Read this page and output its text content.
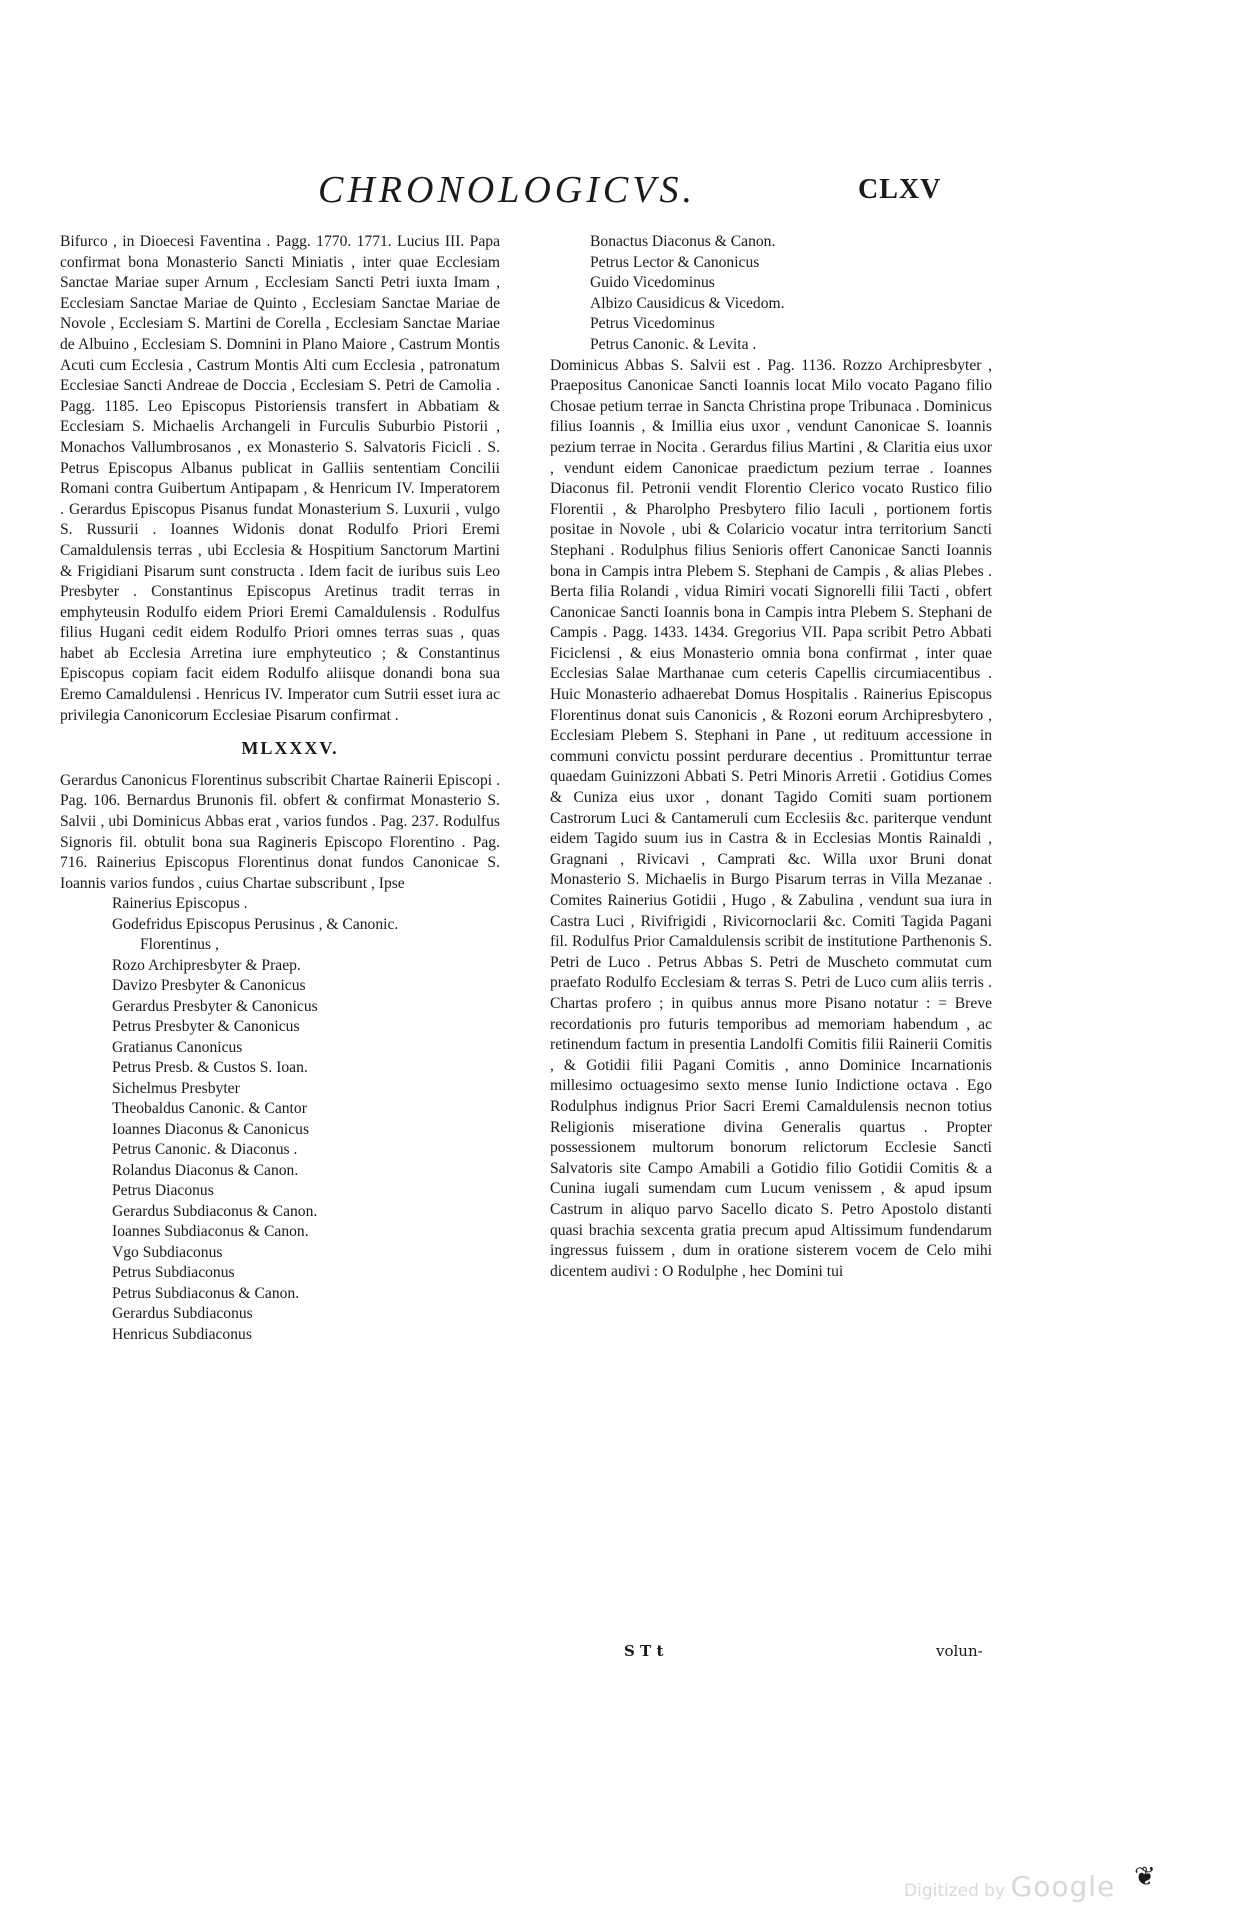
CHRONOLOGICVS.	CLXV

Bifurco , in Dioecesi Faventina . Pagg. 1770. 1771. Lucius III. Papa confirmat bona Monasterio Sancti Miniatis , inter quae Ecclesiam Sanctae Mariae super Arnum , Ecclesiam Sancti Petri iuxta Imam , Ecclesiam Sanctae Mariae de Quinto , Ecclesiam Sanctae Mariae de Novole , Ecclesiam S. Martini de Corella , Ecclesiam Sanctae Mariae de Albuino , Ecclesiam S. Domnini in Plano Maiore , Castrum Montis Acuti cum Ecclesia , Castrum Montis Alti cum Ecclesia , patronatum Ecclesiae Sancti Andreae de Doccia , Ecclesiam S. Petri de Camolia . Pagg. 1185. Leo Episcopus Pistoriensis transfert in Abbatiam & Ecclesiam S. Michaelis Archangeli in Furculis Suburbio Pistorii , Monachos Vallumbrosanos , ex Monasterio S. Salvatoris Ficicli . S. Petrus Episcopus Albanus publicat in Galliis sententiam Concilii Romani contra Guibertum Antipapam , & Henricum IV. Imperatorem . Gerardus Episcopus Pisanus fundat Monasterium S. Luxurii , vulgo S. Russurii . Ioannes Widonis donat Rodulfo Priori Eremi Camaldulensis terras , ubi Ecclesia & Hospitium Sanctorum Martini & Frigidiani Pisarum sunt constructa . Idem facit de iuribus suis Leo Presbyter . Constantinus Episcopus Aretinus tradit terras in emphyteusin Rodulfo eidem Priori Eremi Camaldulensis . Rodulfus filius Hugani cedit eidem Rodulfo Priori omnes terras suas , quas habet ab Ecclesia Arretina iure emphyteutico ; & Constantinus Episcopus copiam facit eidem Rodulfo aliisque donandi bona sua Eremo Camaldulensi . Henricus IV. Imperator cum Sutrii esset iura ac privilegia Canonicorum Ecclesiae Pisarum confirmat .

MLXXXV.

Gerardus Canonicus Florentinus subscribit Chartae Rainerii Episcopi . Pag. 106. Bernardus Brunonis fil. obfert & confirmat Monasterio S. Salvii , ubi Dominicus Abbas erat , varios fundos . Pag. 237. Rodulfus Signoris fil. obtulit bona sua Ragineris Episcopo Florentino . Pag. 716. Rainerius Episcopus Florentinus donat fundos Canonicae S. Ioannis varios fundos , cuius Chartae subscribunt , Ipse

Rainerius Episcopus .
Godefridus Episcopus Perusinus , & Canonic.
Florentinus ,
Rozo Archipresbyter & Praep.
Davizo Presbyter & Canonicus
Gerardus Presbyter & Canonicus
Petrus Presbyter & Canonicus
Gratianus Canonicus
Petrus Presb. & Custos S. Ioan.
Sichelmus Presbyter
Theobaldus Canonic. & Cantor
Ioannes Diaconus & Canonicus
Petrus Canonic. & Diaconus .
Rolandus Diaconus & Canon.
Petrus Diaconus
Gerardus Subdiaconus & Canon.
Ioannes Subdiaconus & Canon.
Vgo Subdiaconus
Petrus Subdiaconus
Petrus Subdiaconus & Canon.
Gerardus Subdiaconus
Henricus Subdiaconus
Bonactus Diaconus & Canon.
Petrus Lector & Canonicus
Guido Vicedominus
Albizo Causidicus & Vicedom.
Petrus Vicedominus
Petrus Canonic. & Levita .

Dominicus Abbas S. Salvii est . Pag. 1136. Rozzo Archipresbyter , Praepositus Canonicae Sancti Ioannis locat Milo vocato Pagano filio Chosae petium terrae in Sancta Christina prope Tribunaca . Dominicus filius Ioannis , & Imillia eius uxor , vendunt Canonicae S. Ioannis pezium terrae in Nocita . Gerardus filius Martini , & Claritia eius uxor , vendunt eidem Canonicae praedictum pezium terrae . Ioannes Diaconus fil. Petronii vendit Florentio Clerico vocato Rustico filio Florentii , & Pharolpho Presbytero filio Iaculi , portionem fortis positae in Novole , ubi & Colaricio vocatur intra territorium Sancti Stephani . Rodulphus filius Senioris offert Canonicae Sancti Ioannis bona in Campis intra Plebem S. Stephani de Campis , & alias Plebes . Berta filia Rolandi , vidua Rimiri vocati Signorelli filii Tacti , obfert Canonicae Sancti Ioannis bona in Campis intra Plebem S. Stephani de Campis . Pagg. 1433. 1434. Gregorius VII. Papa scribit Petro Abbati Ficiclensi , & eius Monasterio omnia bona confirmat , inter quae Ecclesias Salae Marthanae cum ceteris Capellis circumiacentibus . Huic Monasterio adhaerebat Domus Hospitalis . Rainerius Episcopus Florentinus donat suis Canonicis , & Rozoni eorum Archipresbytero , Ecclesiam Plebem S. Stephani in Pane , ut redituum accessione in communi convictu possint perdurare decentius . Promittuntur terrae quaedam Guinizzoni Abbati S. Petri Minoris Arretii . Gotidius Comes & Cuniza eius uxor , donant Tagido Comiti suam portionem Castrorum Luci & Cantameruli cum Ecclesiis &c. pariterque vendunt eidem Tagido suum ius in Castra & in Ecclesias Montis Rainaldi , Gragnani , Rivicavi , Camprati &c. Willa uxor Bruni donat Monasterio S. Michaelis in Burgo Pisarum terras in Villa Mezanae . Comites Rainerius Gotidii , Hugo , & Zabulina , vendunt sua iura in Castra Luci , Rivifrigidi , Rivicornoclarii &c. Comiti Tagida Pagani fil. Rodulfus Prior Camaldulensis scribit de institutione Parthenonis S. Petri de Luco . Petrus Abbas S. Petri de Muscheto commutat cum praefato Rodulfo Ecclesiam & terras S. Petri de Luco cum aliis terris . Chartas profero ; in quibus annus more Pisano notatur : = Breve recordationis pro futuris temporibus ad memoriam habendum , ac retinendum factum in presentia Landolfi Comitis filii Rainerii Comitis , & Gotidii filii Pagani Comitis , anno Dominice Incarnationis millesimo octuagesimo sexto mense Iunio Indictione octava . Ego Rodulphus indignus Prior Sacri Eremi Camaldulensis necnon totius Religionis miseratione divina Generalis quartus . Propter possessionem multorum bonorum relictorum Ecclesie Sancti Salvatoris site Campo Amabili a Gotidio filio Gotidii Comitis & a Cunina iugali sumendam cum Lucum venissem , & apud ipsum Castrum in aliquo parvo Sacello dicato S. Petro Apostolo distanti quasi brachia sexcenta gratia precum apud Altissimum fundendarum ingressus fuissem , dum in oratione sisterem vocem de Celo mihi dicentem audivi : O Rodulphe , hec Domini tui

S T t	volun-
❦
Digitized by Google
